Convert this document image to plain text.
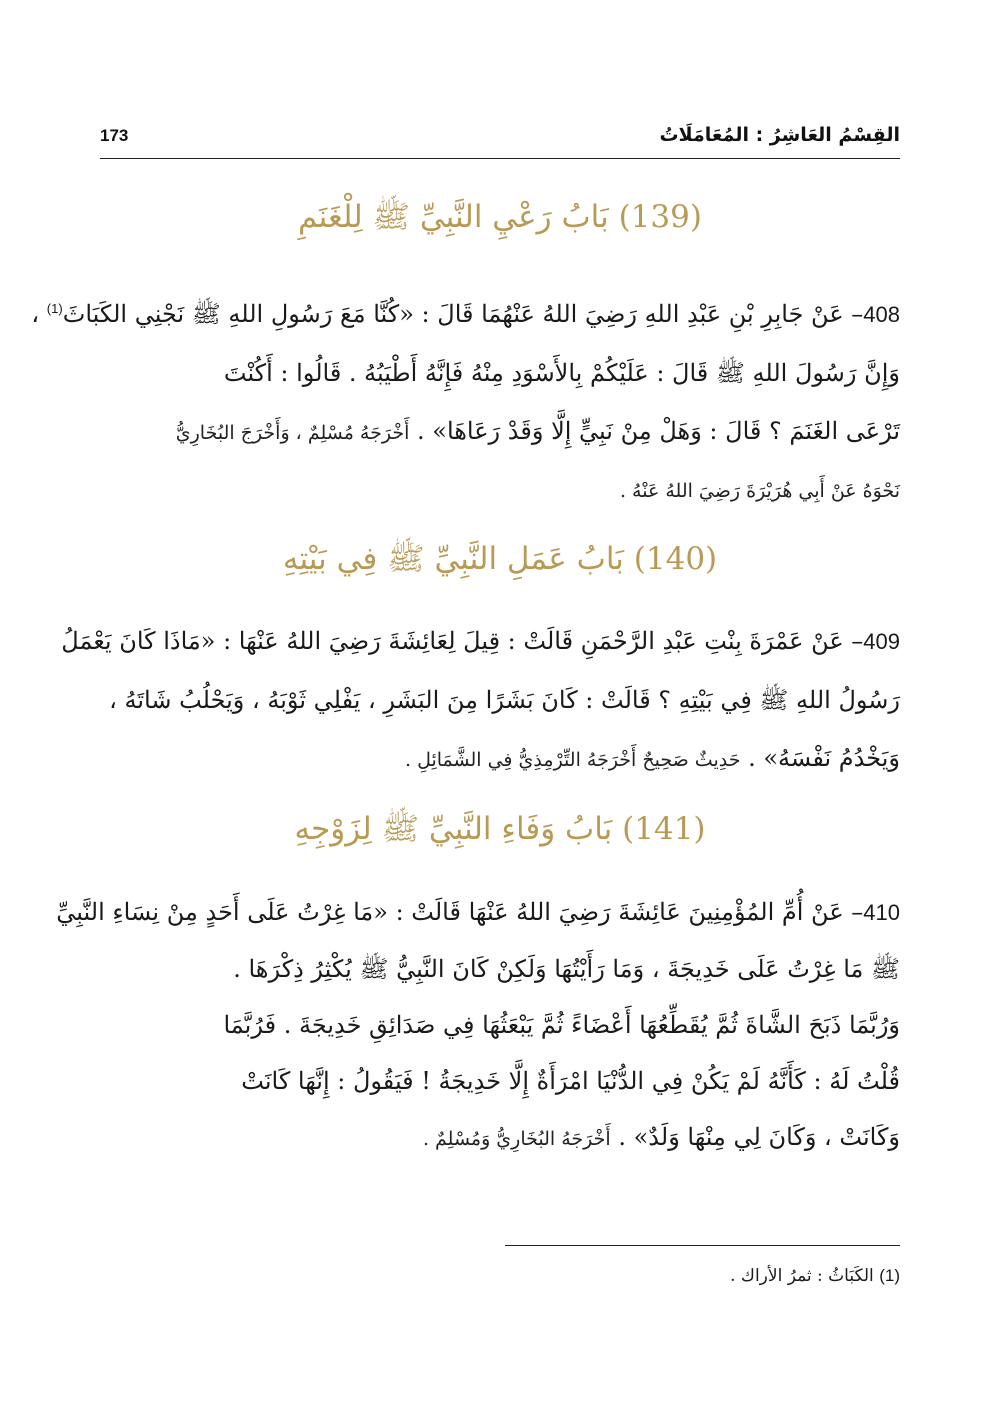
القِسْمُ العَاشِرُ : المُعَامَلَاتُ
173
(139) بَابُ رَعْيِ النَّبِيِّ ﷺ لِلْغَنَمِ
408– عَنْ جَابِرِ بْنِ عَبْدِ اللهِ رَضِيَ اللهُ عَنْهُمَا قَالَ : «كُنَّا مَعَ رَسُولِ اللهِ ﷺ نَجْنِي الكَبَاثَ$^{(1)}$ ،
وَإِنَّ رَسُولَ اللهِ ﷺ قَالَ : عَلَيْكُمْ بِالأَسْوَدِ مِنْهُ فَإِنَّهُ أَطْيَبُهُ . قَالُوا : أَكُنْتَ
تَرْعَى الغَنَمَ ؟ قَالَ : وَهَلْ مِنْ نَبِيٍّ إِلَّا وَقَدْ رَعَاهَا» . أَخْرَجَهُ مُسْلِمٌ ، وَأَخْرَجَ البُخَارِيُّ
نَحْوَهُ عَنْ أَبِي هُرَيْرَةَ رَضِيَ اللهُ عَنْهُ .
(140) بَابُ عَمَلِ النَّبِيِّ ﷺ فِي بَيْتِهِ
409– عَنْ عَمْرَةَ بِنْتِ عَبْدِ الرَّحْمَنِ قَالَتْ : قِيلَ لِعَائِشَةَ رَضِيَ اللهُ عَنْهَا : «مَاذَا كَانَ يَعْمَلُ
رَسُولُ اللهِ ﷺ فِي بَيْتِهِ ؟ قَالَتْ : كَانَ بَشَرًا مِنَ البَشَرِ ، يَفْلِي ثَوْبَهُ ، وَيَحْلُبُ شَاتَهُ ،
وَيَخْدُمُ نَفْسَهُ» . حَدِيثٌ صَحِيحٌ أَخْرَجَهُ التِّرْمِذِيُّ فِي الشَّمَائِلِ .
(141) بَابُ وَفَاءِ النَّبِيِّ ﷺ لِزَوْجِهِ
410– عَنْ أُمِّ المُؤْمِنِينَ عَائِشَةَ رَضِيَ اللهُ عَنْهَا قَالَتْ : «مَا غِرْتُ عَلَى أَحَدٍ مِنْ نِسَاءِ النَّبِيِّ
ﷺ مَا غِرْتُ عَلَى خَدِيجَةَ ، وَمَا رَأَيْتُهَا وَلَكِنْ كَانَ النَّبِيُّ ﷺ يُكْثِرُ ذِكْرَهَا .
وَرُبَّمَا ذَبَحَ الشَّاةَ ثُمَّ يُقَطِّعُهَا أَعْضَاءً ثُمَّ يَبْعَثُهَا فِي صَدَائِقِ خَدِيجَةَ . فَرُبَّمَا
قُلْتُ لَهُ : كَأَنَّهُ لَمْ يَكُنْ فِي الدُّنْيَا امْرَأَةٌ إِلَّا خَدِيجَةُ ! فَيَقُولُ : إِنَّهَا كَانَتْ
وَكَانَتْ ، وَكَانَ لِي مِنْهَا وَلَدٌ» . أَخْرَجَهُ البُخَارِيُّ وَمُسْلِمٌ .
(1) الكَبَاثُ : ثمرُ الأراك .
